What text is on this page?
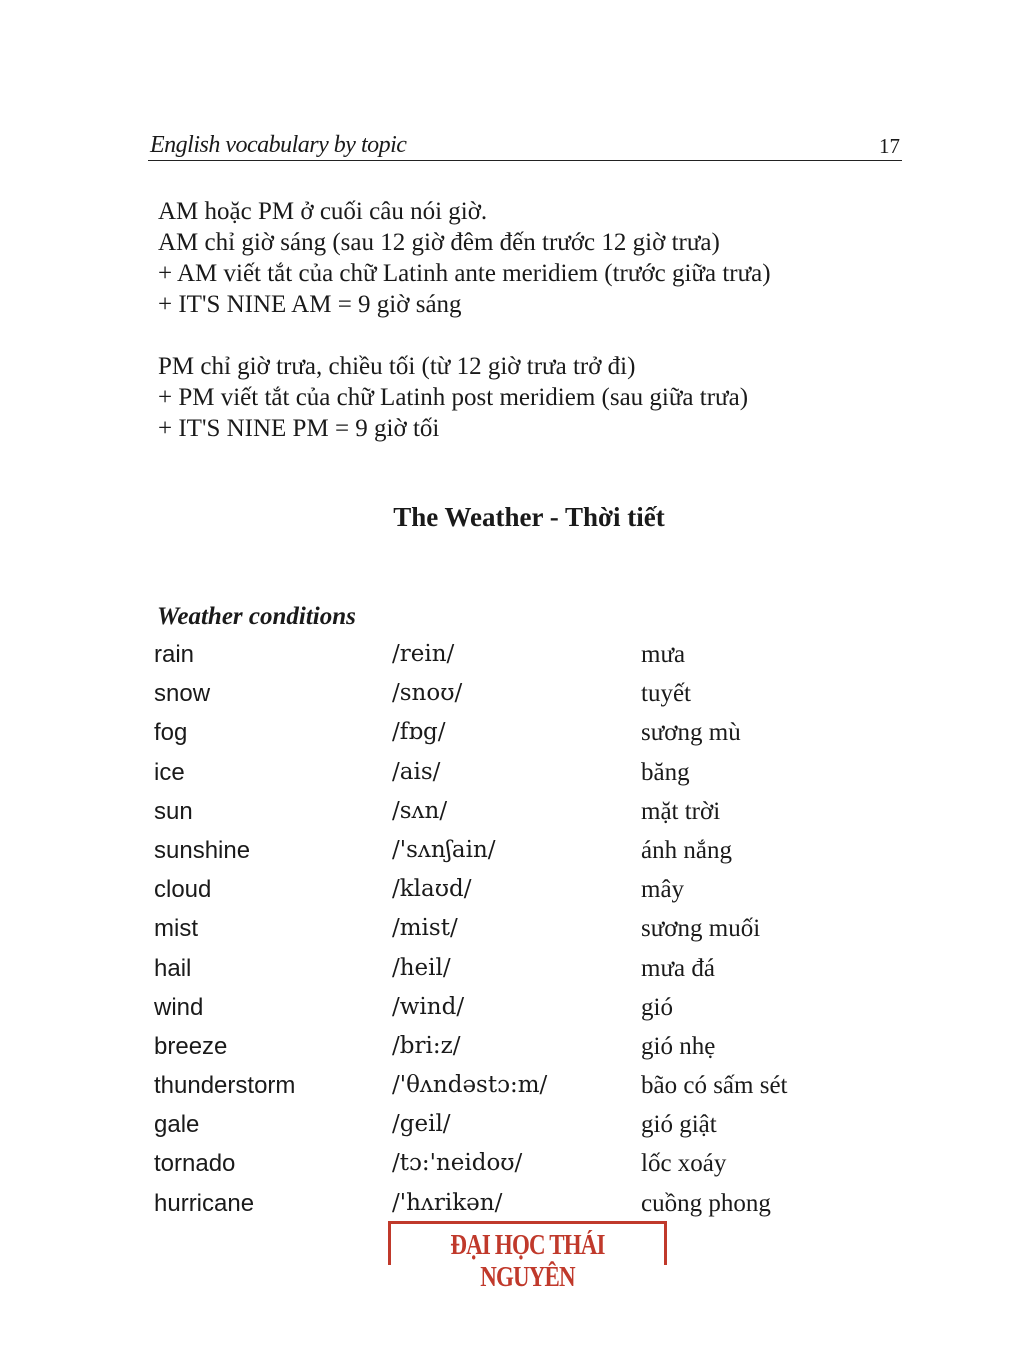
English vocabulary by topic	17

AM hoặc PM ở cuối câu nói giờ.

AM chỉ giờ sáng (sau 12 giờ đêm đến trước 12 giờ trưa)

+ AM viết tắt của chữ Latinh ante meridiem (trước giữa trưa)

+ IT'S NINE AM = 9 giờ sáng

PM chỉ giờ trưa, chiều tối (từ 12 giờ trưa trở đi)

+ PM viết tắt của chữ Latinh post meridiem (sau giữa trưa)

+ IT'S NINE PM = 9 giờ tối

The Weather - Thời tiết
Weather conditions
rain	/rein/	mưa
snow	/snoʊ/	tuyết
fog	/fɒg/	sương mù
ice	/ais/	băng
sun	/sʌn/	mặt trời
sunshine	/'sʌnʃain/	ánh nắng
cloud	/klaʊd/	mây
mist	/mist/	sương muối
hail	/heil/	mưa đá
wind	/wind/	gió
breeze	/bri:z/	gió nhẹ
thunderstorm	/'θʌndəstɔ:m/	bão có sấm sét
gale	/geil/	gió giật
tornado	/tɔ:'neidoʊ/	lốc xoáy
hurricane	/'hʌrikən/	cuồng phong
ĐẠI HỌC THÁI NGUYÊN
